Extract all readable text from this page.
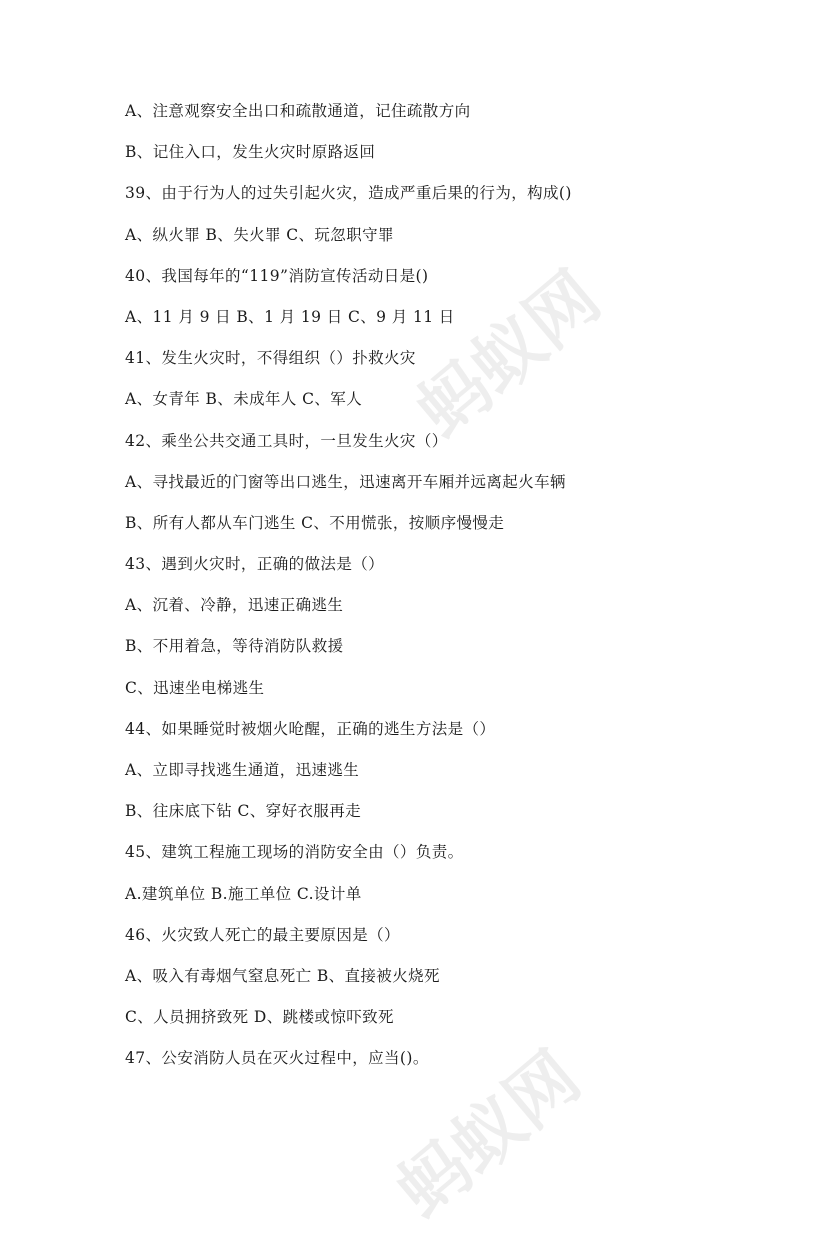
蚂蚁网
蚂蚁网
A、注意观察安全出口和疏散通道，记住疏散方向
B、记住入口，发生火灾时原路返回
39、由于行为人的过失引起火灾，造成严重后果的行为，构成()
A、纵火罪 B、失火罪 C、玩忽职守罪
40、我国每年的“119”消防宣传活动日是()
A、11 月 9 日 B、1 月 19 日 C、9 月 11 日
41、发生火灾时，不得组织（）扑救火灾
A、女青年 B、未成年人 C、军人
42、乘坐公共交通工具时，一旦发生火灾（）
A、寻找最近的门窗等出口逃生，迅速离开车厢并远离起火车辆
B、所有人都从车门逃生 C、不用慌张，按顺序慢慢走
43、遇到火灾时，正确的做法是（）
A、沉着、冷静，迅速正确逃生
B、不用着急，等待消防队救援
C、迅速坐电梯逃生
44、如果睡觉时被烟火呛醒，正确的逃生方法是（）
A、立即寻找逃生通道，迅速逃生
B、往床底下钻 C、穿好衣服再走
45、建筑工程施工现场的消防安全由（）负责。
A.建筑单位 B.施工单位 C.设计单
46、火灾致人死亡的最主要原因是（）
A、吸入有毒烟气窒息死亡 B、直接被火烧死
C、人员拥挤致死 D、跳楼或惊吓致死
47、公安消防人员在灭火过程中，应当()。
